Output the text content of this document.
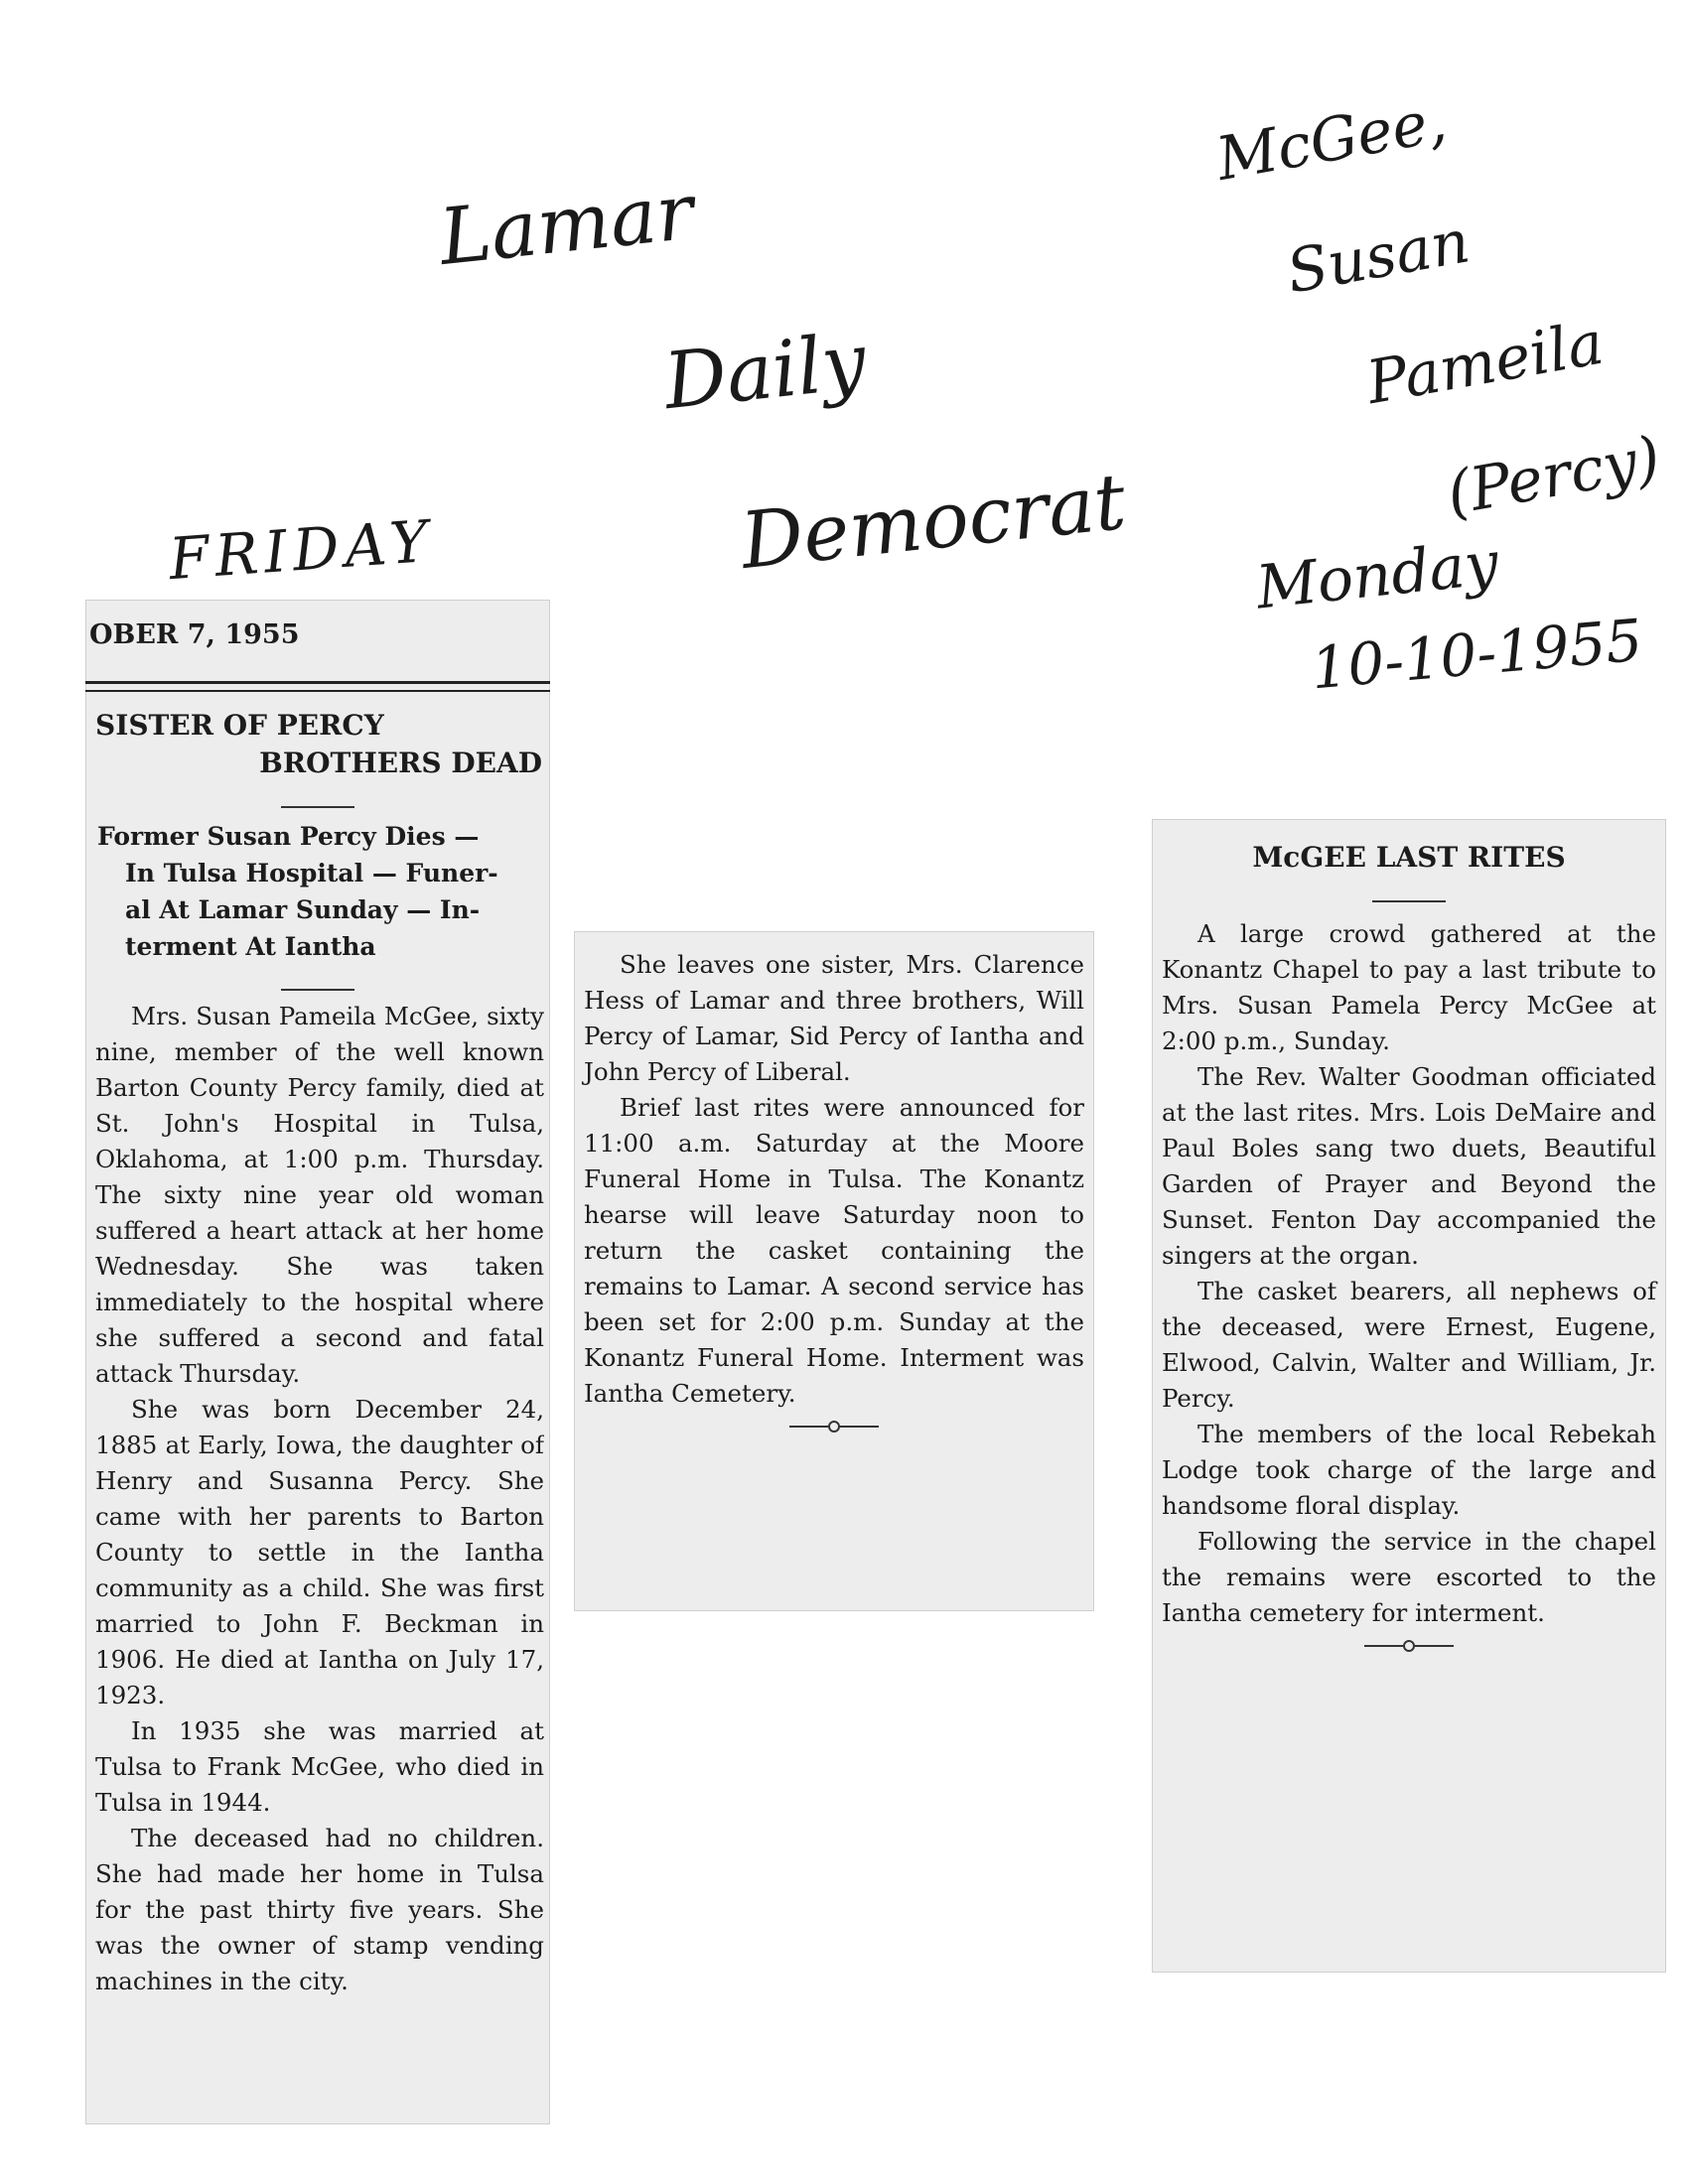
Lamar

Daily

Democrat

McGee,

Susan

Pameila

(Percy)

FRIDAY	Monday
10-10-1955
OBER 7, 1955
SISTER OF PERCY
BROTHERS DEAD
Former Susan Percy Dies —
In Tulsa Hospital — Funer-
al At Lamar Sunday — In-
terment At Iantha

Mrs. Susan Pameila McGee, sixty nine, member of the well known Barton County Percy family, died at St. John's Hospital in Tulsa, Oklahoma, at 1:00 p.m. Thursday. The sixty nine year old woman suffered a heart attack at her home Wednesday. She was taken immediately to the hospital where she suffered a second and fatal attack Thursday.

She was born December 24, 1885 at Early, Iowa, the daughter of Henry and Susanna Percy. She came with her parents to Barton County to settle in the Iantha community as a child. She was first married to John F. Beckman in 1906. He died at Iantha on July 17, 1923.

In 1935 she was married at Tulsa to Frank McGee, who died in Tulsa in 1944.

The deceased had no children. She had made her home in Tulsa for the past thirty five years. She was the owner of stamp vending machines in the city.

She leaves one sister, Mrs. Clarence Hess of Lamar and three brothers, Will Percy of Lamar, Sid Percy of Iantha and John Percy of Liberal.

Brief last rites were announced for 11:00 a.m. Saturday at the Moore Funeral Home in Tulsa. The Konantz hearse will leave Saturday noon to return the casket containing the remains to Lamar. A second service has been set for 2:00 p.m. Sunday at the Konantz Funeral Home. Interment was Iantha Cemetery.

McGEE LAST RITES

A large crowd gathered at the Konantz Chapel to pay a last tribute to Mrs. Susan Pamela Percy McGee at 2:00 p.m., Sunday.

The Rev. Walter Goodman officiated at the last rites. Mrs. Lois DeMaire and Paul Boles sang two duets, Beautiful Garden of Prayer and Beyond the Sunset. Fenton Day accompanied the singers at the organ.

The casket bearers, all nephews of the deceased, were Ernest, Eugene, Elwood, Calvin, Walter and William, Jr. Percy.

The members of the local Rebekah Lodge took charge of the large and handsome floral display.

Following the service in the chapel the remains were escorted to the Iantha cemetery for interment.
